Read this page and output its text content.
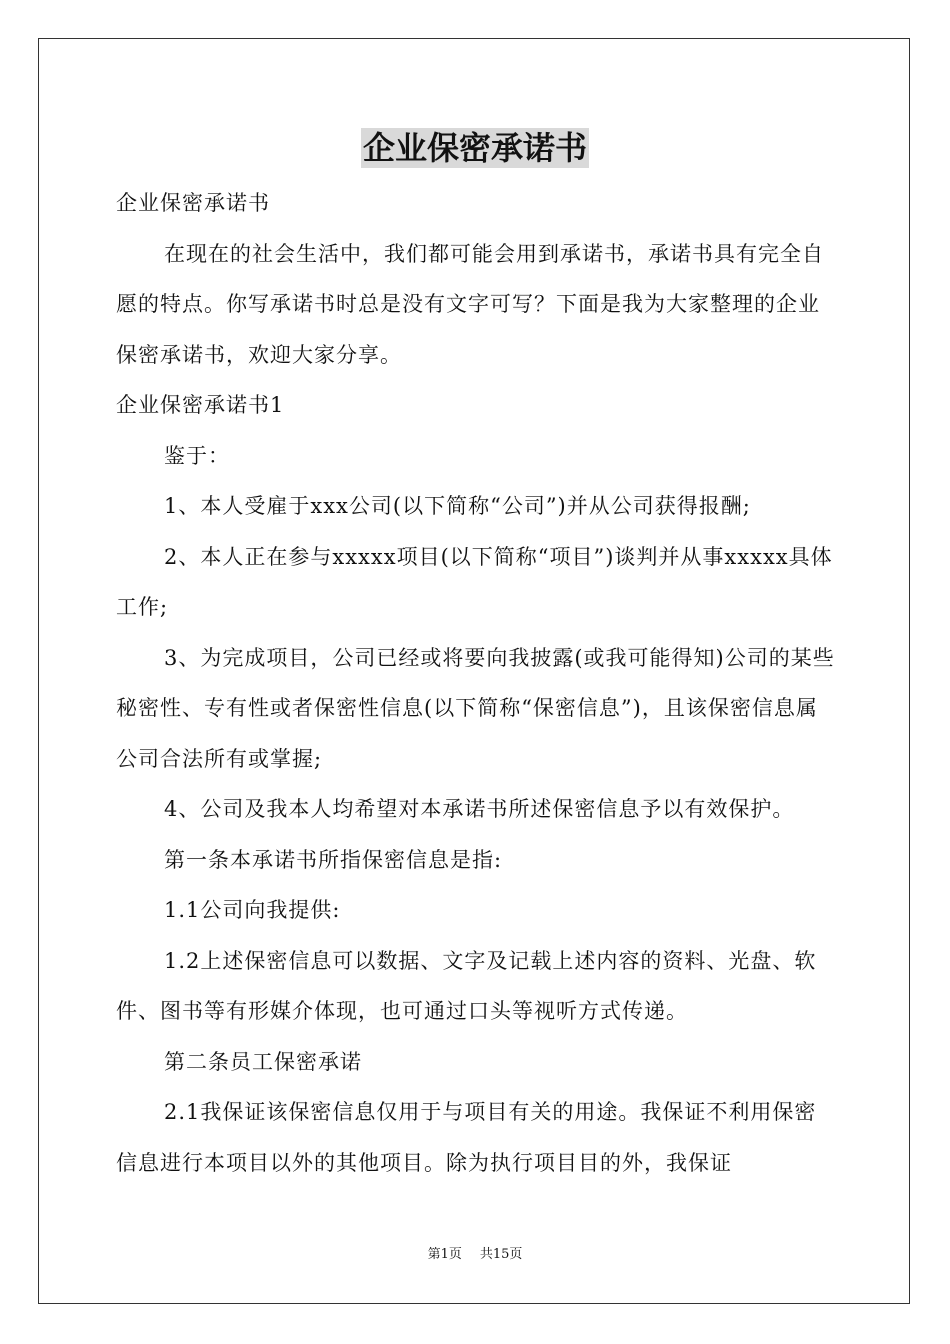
企业保密承诺书

企业保密承诺书

在现在的社会生活中，我们都可能会用到承诺书，承诺书具有完全自愿的特点。你写承诺书时总是没有文字可写？下面是我为大家整理的企业保密承诺书，欢迎大家分享。

企业保密承诺书1

鉴于：

1、本人受雇于xxx公司(以下简称“公司”)并从公司获得报酬;

2、本人正在参与xxxxx项目(以下简称“项目”)谈判并从事xxxxx具体工作;

3、为完成项目，公司已经或将要向我披露(或我可能得知)公司的某些秘密性、专有性或者保密性信息(以下简称“保密信息”)，且该保密信息属公司合法所有或掌握;

4、公司及我本人均希望对本承诺书所述保密信息予以有效保护。

第一条本承诺书所指保密信息是指:

1.1公司向我提供:

1.2上述保密信息可以数据、文字及记载上述内容的资料、光盘、软件、图书等有形媒介体现，也可通过口头等视听方式传递。

第二条员工保密承诺

2.1我保证该保密信息仅用于与项目有关的用途。我保证不利用保密信息进行本项目以外的其他项目。除为执行项目目的外，我保证

第1页 共15页
